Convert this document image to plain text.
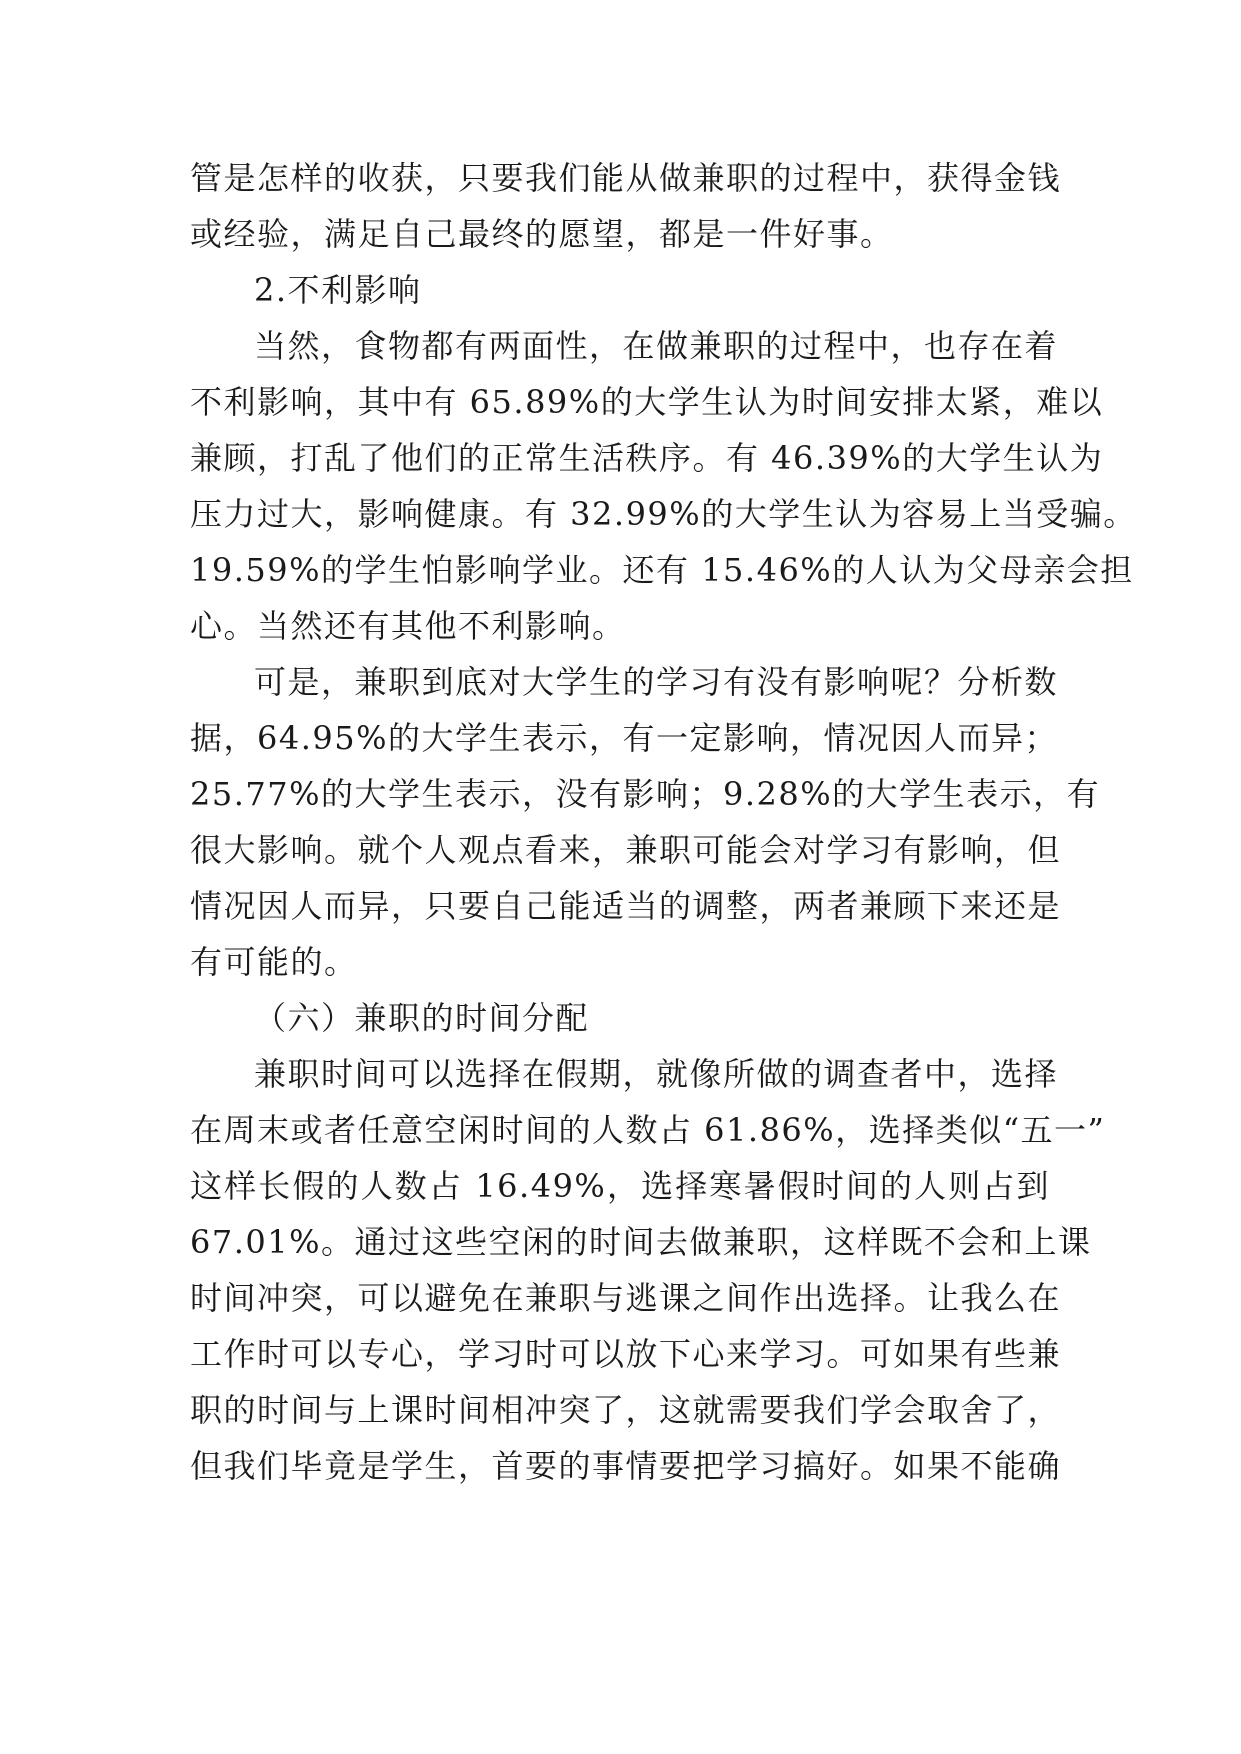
管是怎样的收获，只要我们能从做兼职的过程中，获得金钱
或经验，满足自己最终的愿望，都是一件好事。
2.不利影响
当然，食物都有两面性，在做兼职的过程中，也存在着
不利影响，其中有 65.89%的大学生认为时间安排太紧，难以
兼顾，打乱了他们的正常生活秩序。有 46.39%的大学生认为
压力过大，影响健康。有 32.99%的大学生认为容易上当受骗。
19.59%的学生怕影响学业。还有 15.46%的人认为父母亲会担
心。当然还有其他不利影响。
可是，兼职到底对大学生的学习有没有影响呢？分析数
据，64.95%的大学生表示，有一定影响，情况因人而异；
25.77%的大学生表示，没有影响；9.28%的大学生表示，有
很大影响。就个人观点看来，兼职可能会对学习有影响，但
情况因人而异，只要自己能适当的调整，两者兼顾下来还是
有可能的。
（六）兼职的时间分配
兼职时间可以选择在假期，就像所做的调查者中，选择
在周末或者任意空闲时间的人数占 61.86%，选择类似“五一”
这样长假的人数占 16.49%，选择寒暑假时间的人则占到
67.01%。通过这些空闲的时间去做兼职，这样既不会和上课
时间冲突，可以避免在兼职与逃课之间作出选择。让我么在
工作时可以专心，学习时可以放下心来学习。可如果有些兼
职的时间与上课时间相冲突了，这就需要我们学会取舍了，
但我们毕竟是学生，首要的事情要把学习搞好。如果不能确
